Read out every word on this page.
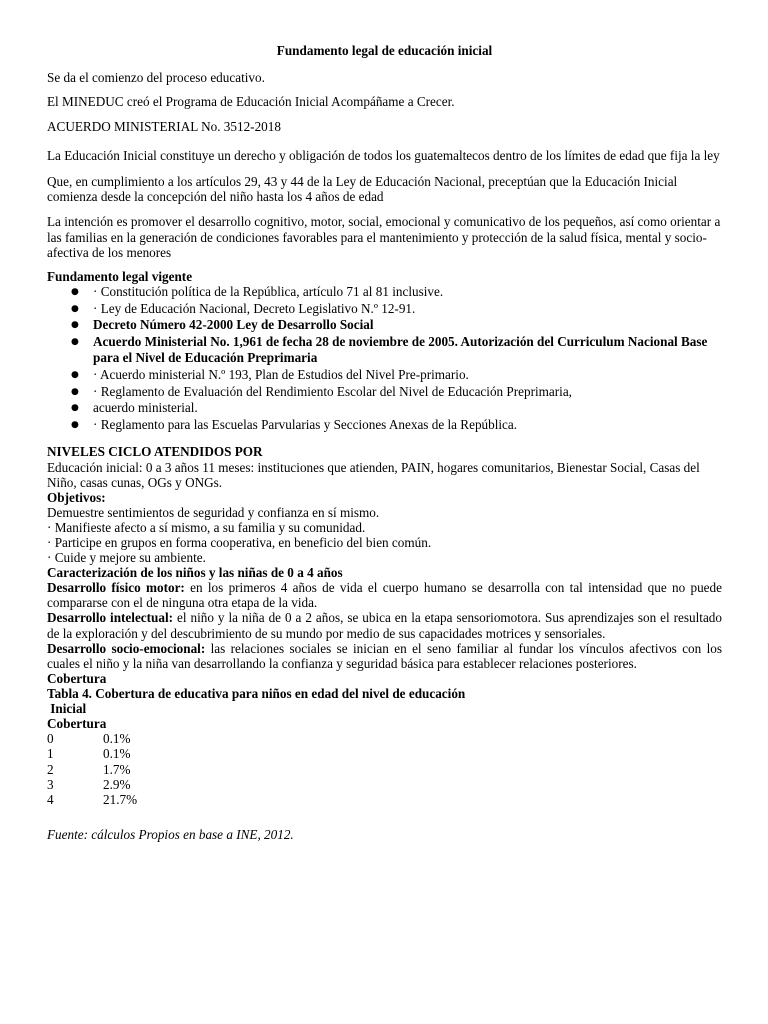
Fundamento legal de educación inicial

Se da el comienzo del proceso educativo.

El MINEDUC creó el Programa de Educación Inicial Acompáñame a Crecer.

ACUERDO MINISTERIAL No. 3512-2018

La Educación Inicial constituye un derecho y obligación de todos los guatemaltecos dentro de los límites de edad que fija la ley

Que, en cumplimiento a los artículos 29, 43 y 44 de la Ley de Educación Nacional, preceptúan que la Educación Inicial comienza desde la concepción del niño hasta los 4 años de edad

La intención es promover el desarrollo cognitivo, motor, social, emocional y comunicativo de los pequeños, así como orientar a las familias en la generación de condiciones favorables para el mantenimiento y protección de la salud física, mental y socio-afectiva de los menores

Fundamento legal vigente

● · Constitución política de la República, artículo 71 al 81 inclusive.
● · Ley de Educación Nacional, Decreto Legislativo N.º 12-91.
● Decreto Número 42-2000 Ley de Desarrollo Social
● Acuerdo Ministerial No. 1,961 de fecha 28 de noviembre de 2005. Autorización del Curriculum Nacional Base para el Nivel de Educación Preprimaria
● · Acuerdo ministerial N.º 193, Plan de Estudios del Nivel Pre-primario.
● · Reglamento de Evaluación del Rendimiento Escolar del Nivel de Educación Preprimaria,
● acuerdo ministerial.
● · Reglamento para las Escuelas Parvularias y Secciones Anexas de la República.

NIVELES CICLO ATENDIDOS POR

Educación inicial: 0 a 3 años 11 meses: instituciones que atienden, PAIN, hogares comunitarios, Bienestar Social, Casas del Niño, casas cunas, OGs y ONGs.

Objetivos:

Demuestre sentimientos de seguridad y confianza en sí mismo.

· Manifieste afecto a sí mismo, a su familia y su comunidad.

· Participe en grupos en forma cooperativa, en beneficio del bien común.

· Cuide y mejore su ambiente.

Caracterización de los niños y las niñas de 0 a 4 años

Desarrollo físico motor: en los primeros 4 años de vida el cuerpo humano se desarrolla con tal intensidad que no puede compararse con el de ninguna otra etapa de la vida.

Desarrollo intelectual: el niño y la niña de 0 a 2 años, se ubica en la etapa sensoriomotora. Sus aprendizajes son el resultado de la exploración y del descubrimiento de su mundo por medio de sus capacidades motrices y sensoriales.

Desarrollo socio-emocional: las relaciones sociales se inician en el seno familiar al fundar los vínculos afectivos con los cuales el niño y la niña van desarrollando la confianza y seguridad básica para establecer relaciones posteriores.

Cobertura

Tabla 4. Cobertura de educativa para niños en edad del nivel de educación

Inicial

Cobertura

0	0.1%
1	0.1%
2	1.7%
3	2.9%
4	21.7%

Fuente: cálculos Propios en base a INE, 2012.
